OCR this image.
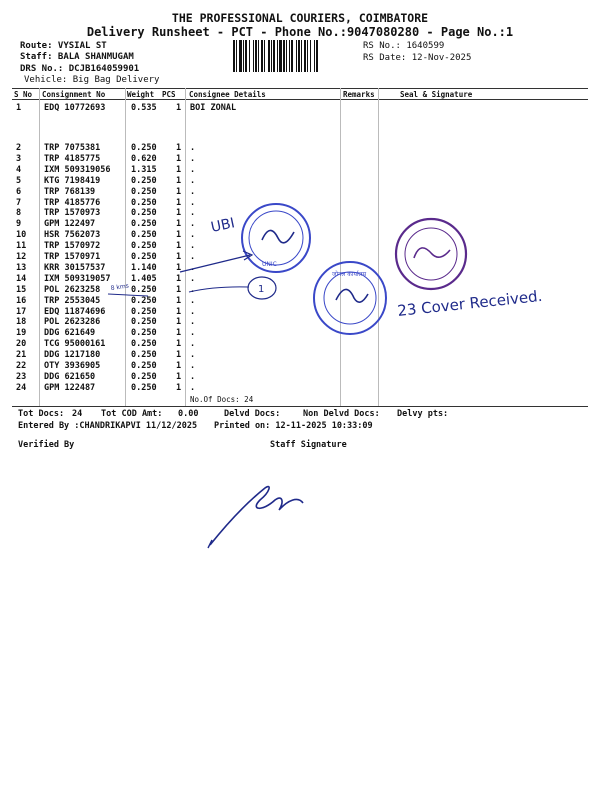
THE PROFESSIONAL COURIERS, COIMBATORE
Delivery Runsheet - PCT - Phone No.:9047080280 - Page No.:1
Route: VYSIAL ST
Staff: BALA SHANMUGAM
DRS No.: DCJB164059901
Vehicle: Big Bag Delivery
RS No.: 1640599
RS Date: 12-Nov-2025
S No Consignment No	Weight PCS Consignee Details	Remarks	Seal & Signature
1	EDQ 10772693	0.535 1 BOI ZONAL
2	TRP 7075381	0.250 1 .
3	TRP 4185775	0.620 1 .
4	IXM 509319056 1.315 1 .
5	KTG 7198419	0.250 1 .
6	TRP 768139	0.250 1 .
7	TRP 4185776	0.250 1 .
8	TRP 1570973	0.250 1 .
9	GPM 122497	0.250 1 .
10 HSR 7562073	0.250 1 .
11 TRP 1570972	0.250 1 .
12 TRP 1570971	0.250 1 .
13 KRR 30157537	1.140 1 .
14 IXM 509319057 1.405 1 .
15 POL 2623258	0.250 1 .
16 TRP 2553045	0.250 1 .
17 EDQ 11874696	0.250 1 .
18 POL 2623286	0.250 1 .
19 DDG 621649	0.250 1 .
20 TCG 95000161	0.250 1 .
21 DDG 1217180	0.250 1 .
22 OTY 3936905	0.250 1 .
23 DDG 621650	0.250 1 .
24 GPM 122487	0.250 1 .
No.Of Docs: 24
Tot Docs: 24 Tot COD Amt: 0.00	Delvd Docs:	Non Delvd Docs: Delvy pts:
Entered By :CHANDRIKAPVI 11/12/2025 Printed on: 12-11-2025 10:33:09
Verified By	Staff Signature
UBI
UNIC
1
8 kms
जोनल कार्यालय
23 Cover Received.
